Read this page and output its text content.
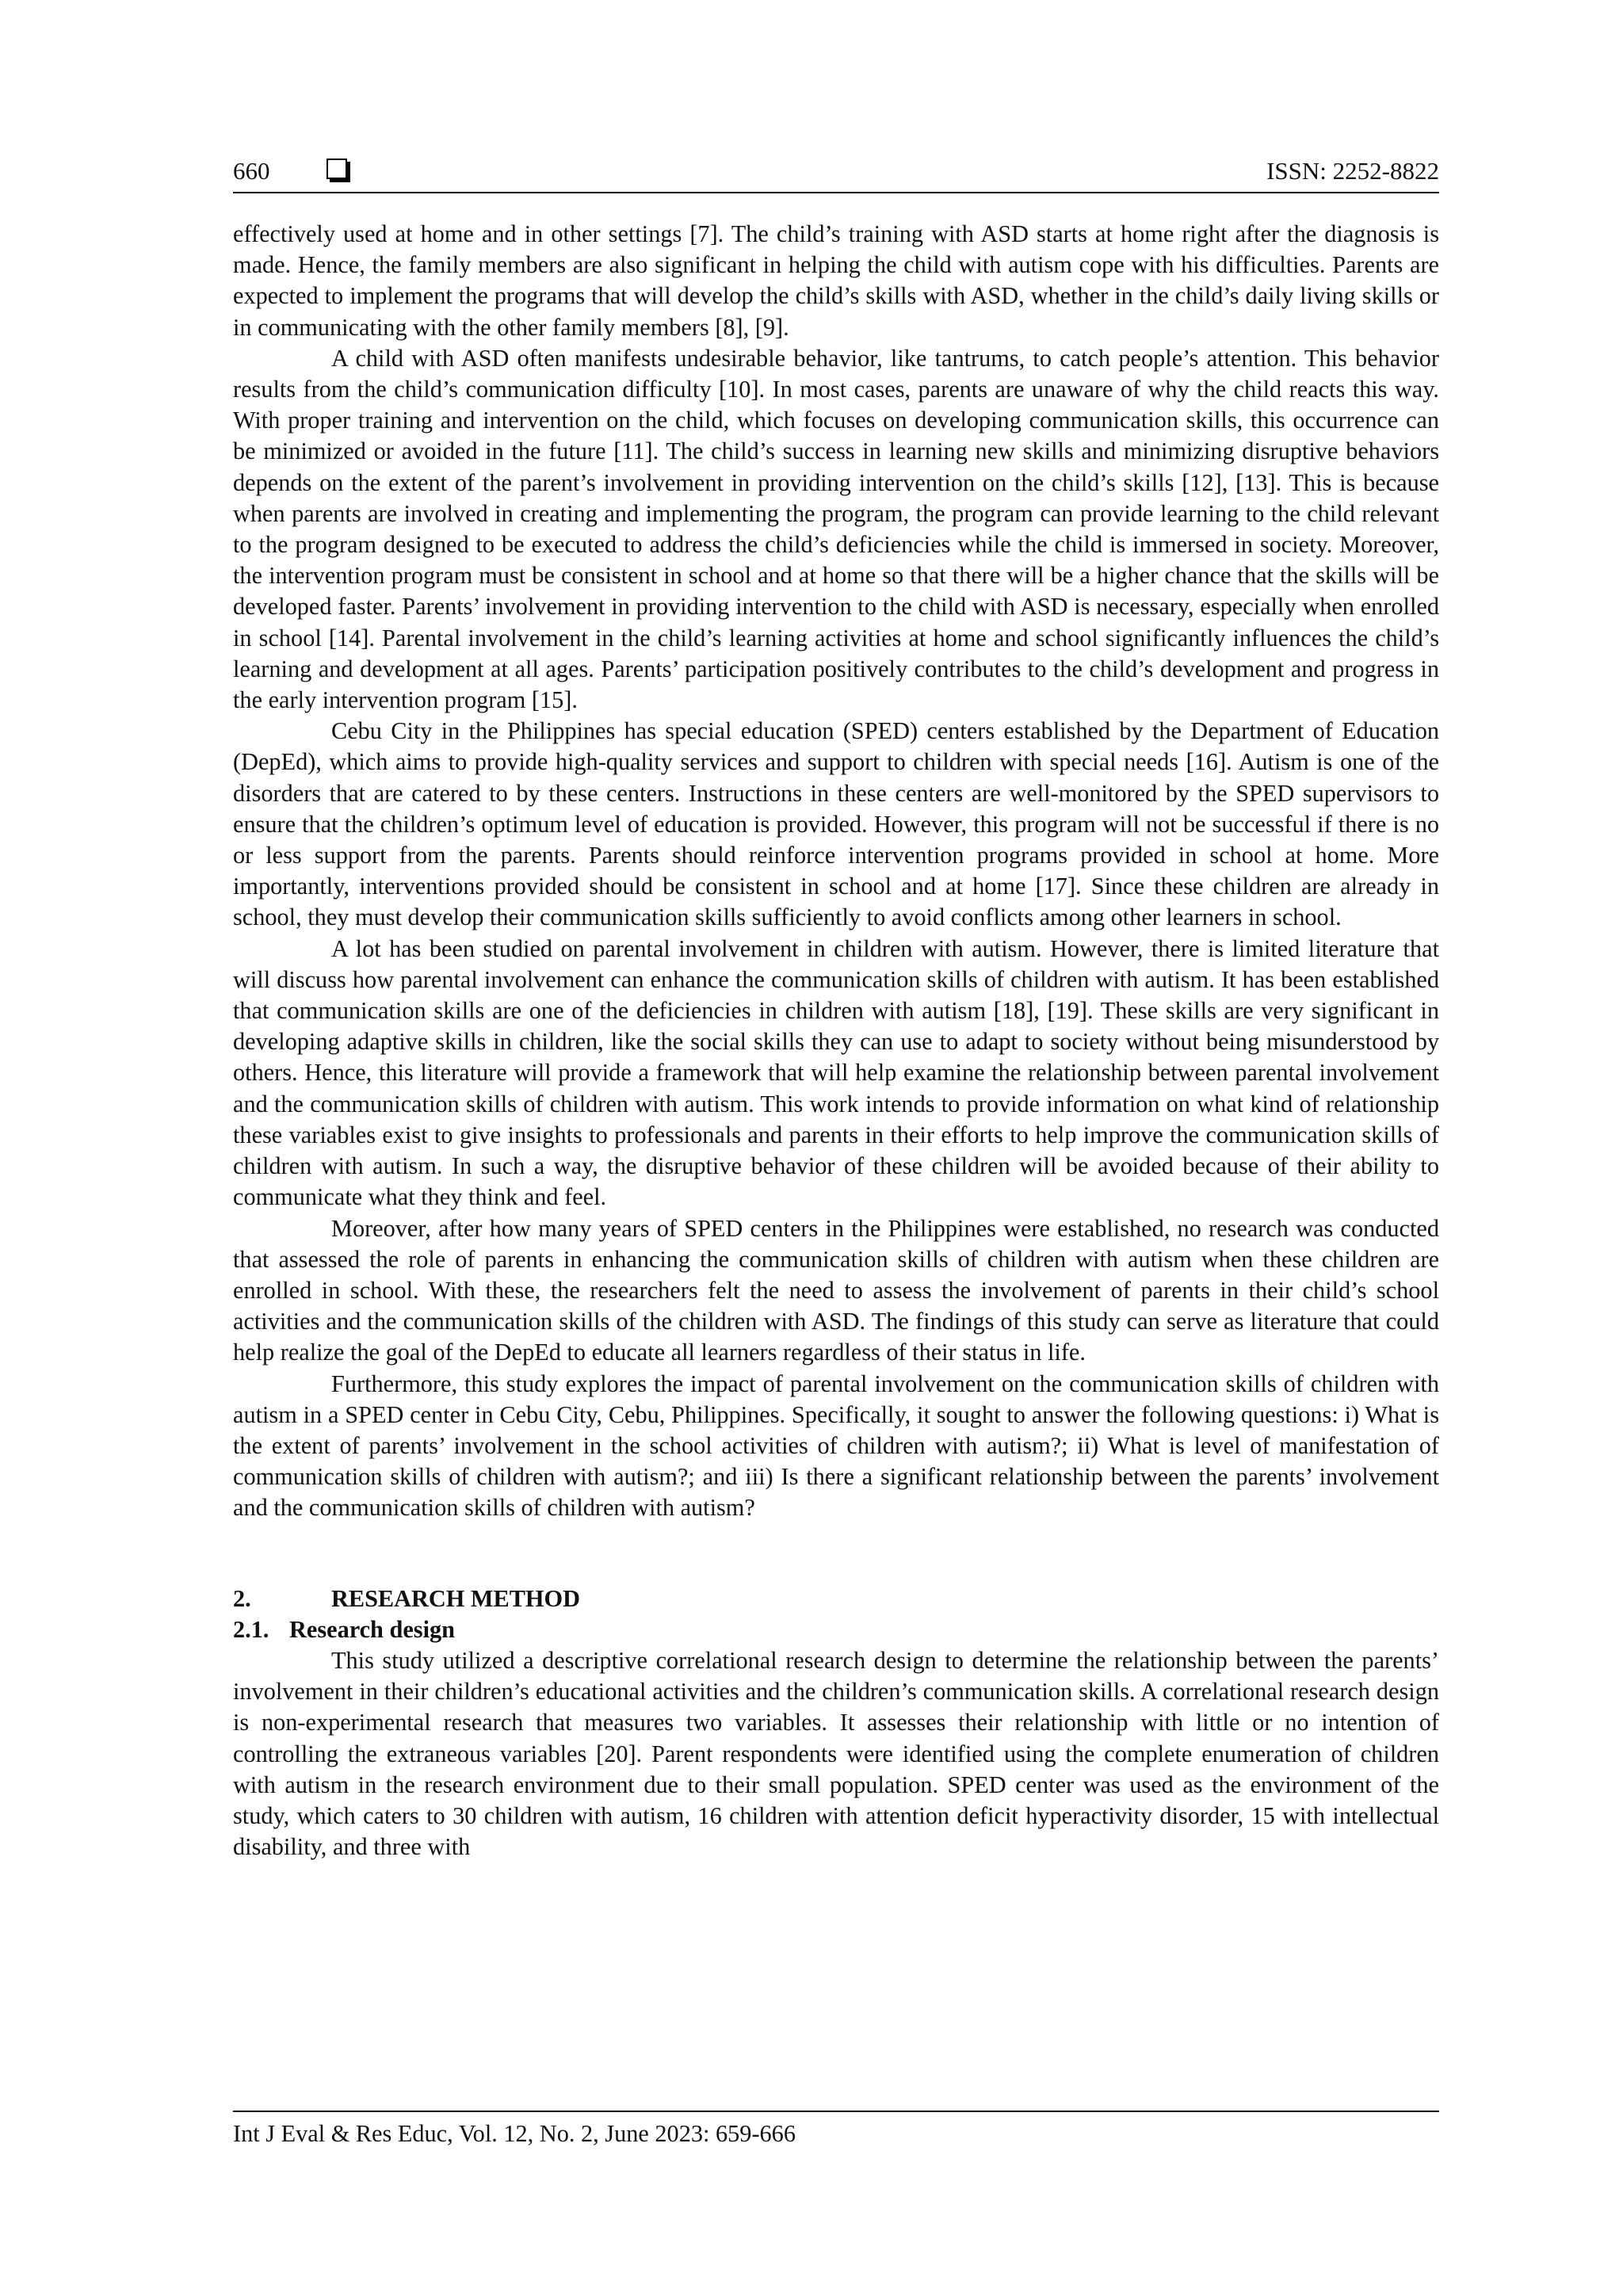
660	ISSN: 2252-8822

effectively used at home and in other settings [7]. The child’s training with ASD starts at home right after the diagnosis is made. Hence, the family members are also significant in helping the child with autism cope with his difficulties. Parents are expected to implement the programs that will develop the child’s skills with ASD, whether in the child’s daily living skills or in communicating with the other family members [8], [9].

A child with ASD often manifests undesirable behavior, like tantrums, to catch people’s attention. This behavior results from the child’s communication difficulty [10]. In most cases, parents are unaware of why the child reacts this way. With proper training and intervention on the child, which focuses on developing communication skills, this occurrence can be minimized or avoided in the future [11]. The child’s success in learning new skills and minimizing disruptive behaviors depends on the extent of the parent’s involvement in providing intervention on the child’s skills [12], [13]. This is because when parents are involved in creating and implementing the program, the program can provide learning to the child relevant to the program designed to be executed to address the child’s deficiencies while the child is immersed in society. Moreover, the intervention program must be consistent in school and at home so that there will be a higher chance that the skills will be developed faster. Parents’ involvement in providing intervention to the child with ASD is necessary, especially when enrolled in school [14]. Parental involvement in the child’s learning activities at home and school significantly influences the child’s learning and development at all ages. Parents’ participation positively contributes to the child’s development and progress in the early intervention program [15].

Cebu City in the Philippines has special education (SPED) centers established by the Department of Education (DepEd), which aims to provide high-quality services and support to children with special needs [16]. Autism is one of the disorders that are catered to by these centers. Instructions in these centers are well-monitored by the SPED supervisors to ensure that the children’s optimum level of education is provided. However, this program will not be successful if there is no or less support from the parents. Parents should reinforce intervention programs provided in school at home. More importantly, interventions provided should be consistent in school and at home [17]. Since these children are already in school, they must develop their communication skills sufficiently to avoid conflicts among other learners in school.

A lot has been studied on parental involvement in children with autism. However, there is limited literature that will discuss how parental involvement can enhance the communication skills of children with autism. It has been established that communication skills are one of the deficiencies in children with autism [18], [19]. These skills are very significant in developing adaptive skills in children, like the social skills they can use to adapt to society without being misunderstood by others. Hence, this literature will provide a framework that will help examine the relationship between parental involvement and the communication skills of children with autism. This work intends to provide information on what kind of relationship these variables exist to give insights to professionals and parents in their efforts to help improve the communication skills of children with autism. In such a way, the disruptive behavior of these children will be avoided because of their ability to communicate what they think and feel.

Moreover, after how many years of SPED centers in the Philippines were established, no research was conducted that assessed the role of parents in enhancing the communication skills of children with autism when these children are enrolled in school. With these, the researchers felt the need to assess the involvement of parents in their child’s school activities and the communication skills of the children with ASD. The findings of this study can serve as literature that could help realize the goal of the DepEd to educate all learners regardless of their status in life.

Furthermore, this study explores the impact of parental involvement on the communication skills of children with autism in a SPED center in Cebu City, Cebu, Philippines. Specifically, it sought to answer the following questions: i) What is the extent of parents’ involvement in the school activities of children with autism?; ii) What is level of manifestation of communication skills of children with autism?; and iii) Is there a significant relationship between the parents’ involvement and the communication skills of children with autism?

2.	RESEARCH METHOD
2.1. Research design

This study utilized a descriptive correlational research design to determine the relationship between the parents’ involvement in their children’s educational activities and the children’s communication skills. A correlational research design is non-experimental research that measures two variables. It assesses their relationship with little or no intention of controlling the extraneous variables [20]. Parent respondents were identified using the complete enumeration of children with autism in the research environment due to their small population. SPED center was used as the environment of the study, which caters to 30 children with autism, 16 children with attention deficit hyperactivity disorder, 15 with intellectual disability, and three with

Int J Eval & Res Educ, Vol. 12, No. 2, June 2023: 659-666
